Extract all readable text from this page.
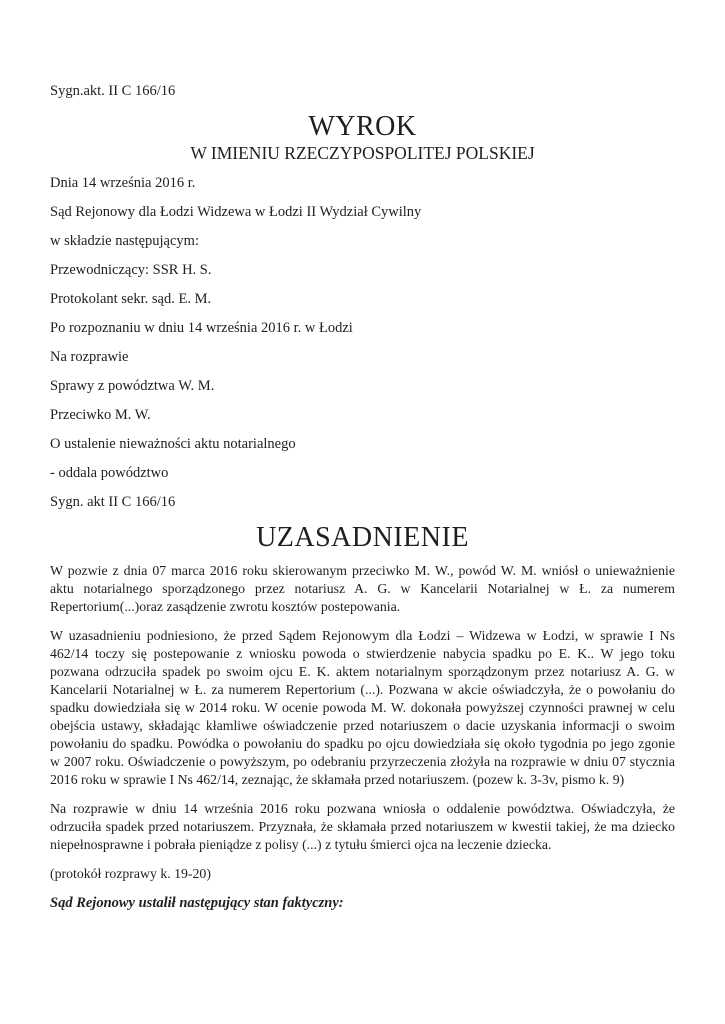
Sygn.akt. II C 166/16

WYROK
W IMIENIU RZECZYPOSPOLITEJ POLSKIEJ

Dnia 14 września 2016 r.

Sąd Rejonowy dla Łodzi Widzewa w Łodzi II Wydział Cywilny

w składzie następującym:

Przewodniczący: SSR H. S.

Protokolant sekr. sąd. E. M.

Po rozpoznaniu w dniu 14 września 2016 r. w Łodzi

Na rozprawie

Sprawy z powództwa W. M.

Przeciwko M. W.

O ustalenie nieważności aktu notarialnego

- oddala powództwo

Sygn. akt II C 166/16

UZASADNIENIE

W pozwie z dnia 07 marca 2016 roku skierowanym przeciwko M. W., powód W. M. wniósł o unieważnienie aktu notarialnego sporządzonego przez notariusz A. G. w Kancelarii Notarialnej w Ł. za numerem Repertorium(...)oraz zasądzenie zwrotu kosztów postepowania.

W uzasadnieniu podniesiono, że przed Sądem Rejonowym dla Łodzi – Widzewa w Łodzi, w sprawie I Ns 462/14 toczy się postepowanie z wniosku powoda o stwierdzenie nabycia spadku po E. K.. W jego toku pozwana odrzuciła spadek po swoim ojcu E. K. aktem notarialnym sporządzonym przez notariusz A. G. w Kancelarii Notarialnej w Ł. za numerem Repertorium (...). Pozwana w akcie oświadczyła, że o powołaniu do spadku dowiedziała się w 2014 roku. W ocenie powoda M. W. dokonała powyższej czynności prawnej w celu obejścia ustawy, składając kłamliwe oświadczenie przed notariuszem o dacie uzyskania informacji o swoim powołaniu do spadku. Powódka o powołaniu do spadku po ojcu dowiedziała się około tygodnia po jego zgonie w 2007 roku. Oświadczenie o powyższym, po odebraniu przyrzeczenia złożyła na rozprawie w dniu 07 stycznia 2016 roku w sprawie I Ns 462/14, zeznając, że skłamała przed notariuszem. (pozew k. 3-3v, pismo k. 9)

Na rozprawie w dniu 14 września 2016 roku pozwana wniosła o oddalenie powództwa. Oświadczyła, że odrzuciła spadek przed notariuszem. Przyznała, że skłamała przed notariuszem w kwestii takiej, że ma dziecko niepełnosprawne i pobrała pieniądze z polisy (...) z tytułu śmierci ojca na leczenie dziecka.

(protokół rozprawy k. 19-20)

Sąd Rejonowy ustalił następujący stan faktyczny:
